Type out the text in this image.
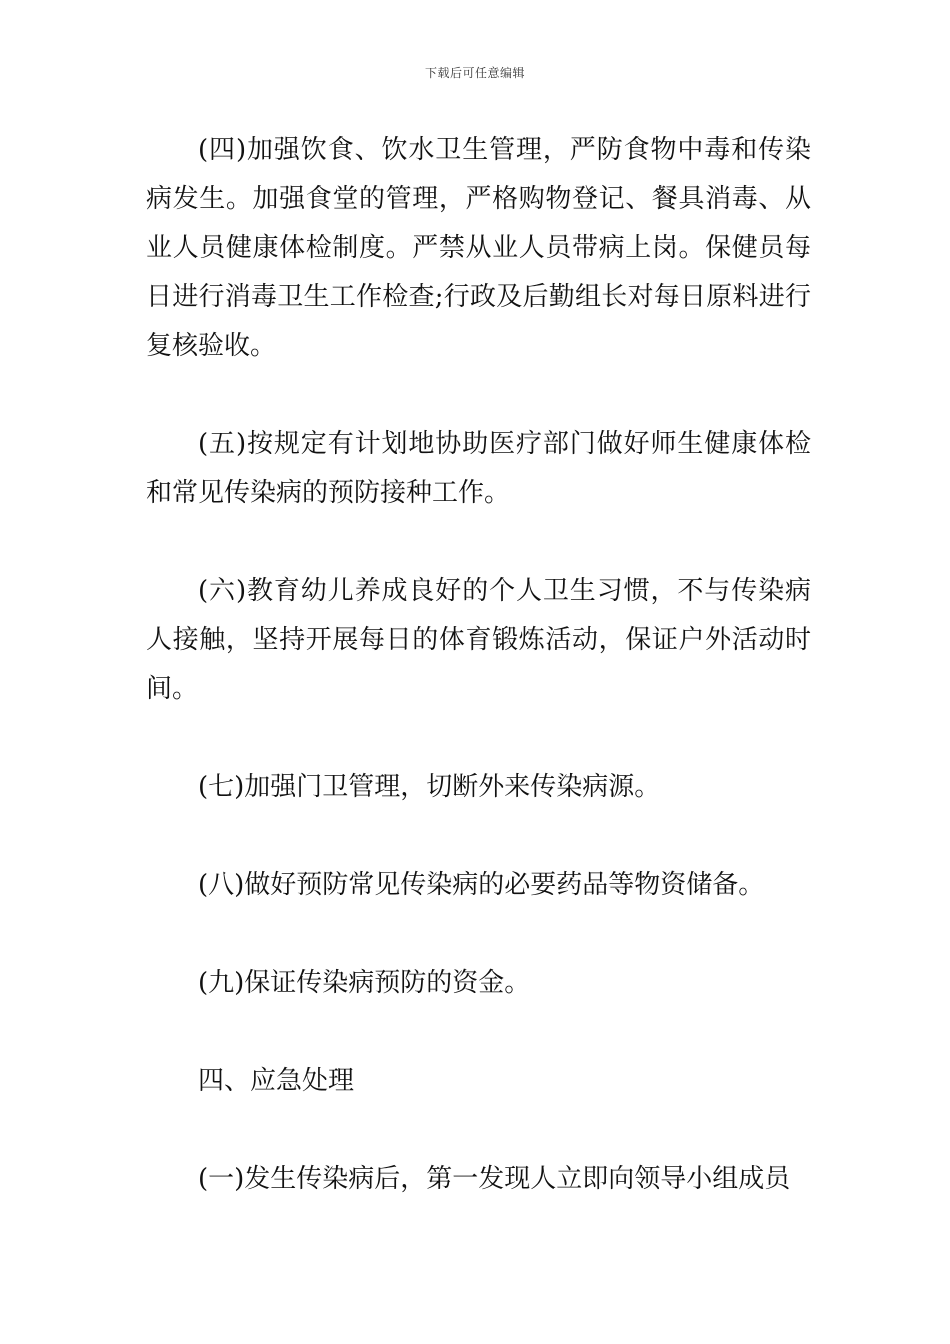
下载后可任意编辑

(四)加强饮食、饮水卫生管理，严防食物中毒和传染病发生。加强食堂的管理，严格购物登记、餐具消毒、从业人员健康体检制度。严禁从业人员带病上岗。保健员每日进行消毒卫生工作检查;行政及后勤组长对每日原料进行复核验收。

(五)按规定有计划地协助医疗部门做好师生健康体检和常见传染病的预防接种工作。

(六)教育幼儿养成良好的个人卫生习惯，不与传染病人接触，坚持开展每日的体育锻炼活动，保证户外活动时间。

(七)加强门卫管理，切断外来传染病源。

(八)做好预防常见传染病的必要药品等物资储备。

(九)保证传染病预防的资金。

四、应急处理

(一)发生传染病后，第一发现人立即向领导小组成员
